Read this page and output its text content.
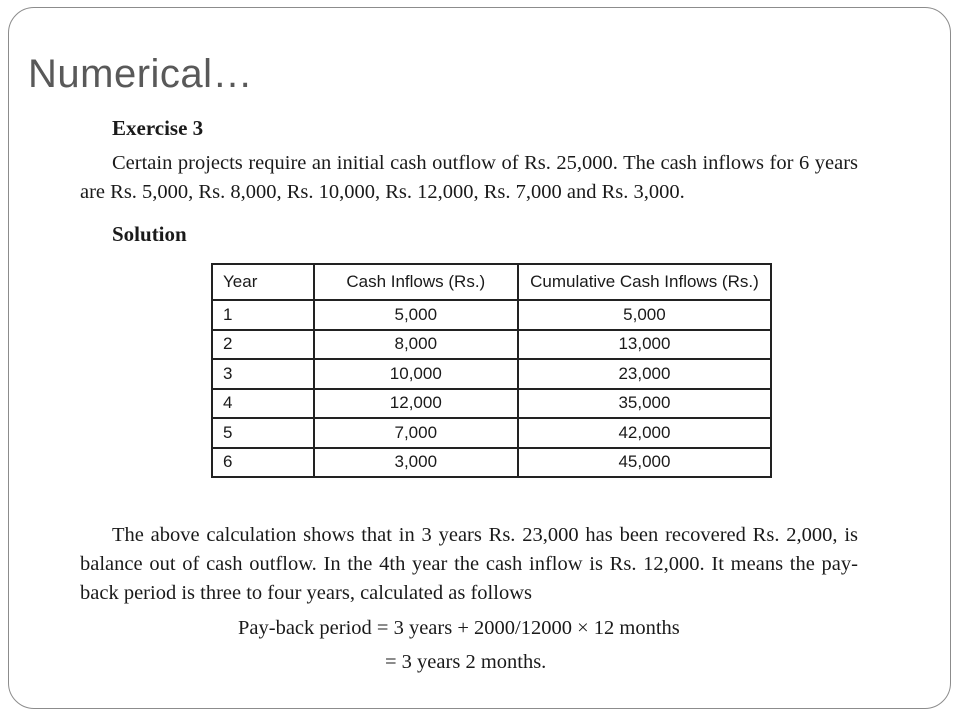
Numerical…
Exercise 3
Certain projects require an initial cash outflow of Rs. 25,000. The cash inflows for 6 years are Rs. 5,000, Rs. 8,000, Rs. 10,000, Rs. 12,000, Rs. 7,000 and Rs. 3,000.
Solution
Year	Cash Inflows (Rs.)	Cumulative Cash Inflows (Rs.)
1	5,000	5,000
2	8,000	13,000
3	10,000	23,000
4	12,000	35,000
5	7,000	42,000
6	3,000	45,000
The above calculation shows that in 3 years Rs. 23,000 has been recovered Rs. 2,000, is balance out of cash outflow. In the 4th year the cash inflow is Rs. 12,000. It means the pay-back period is three to four years, calculated as follows
Pay-back period = 3 years + 2000/12000 × 12 months
= 3 years 2 months.
